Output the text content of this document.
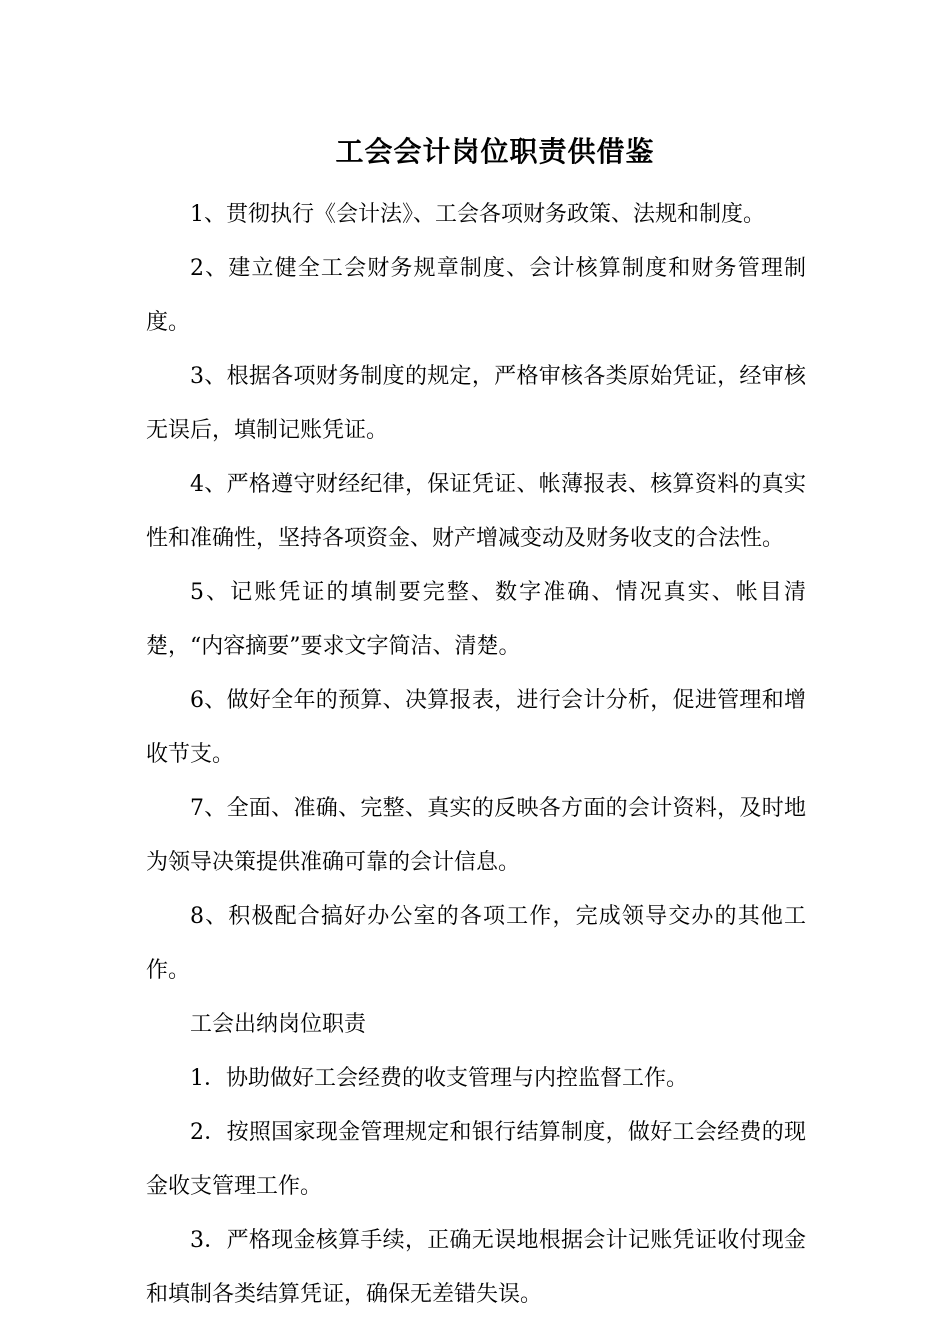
工会会计岗位职责供借鉴

1、贯彻执行《会计法》、工会各项财务政策、法规和制度。

2、建立健全工会财务规章制度、会计核算制度和财务管理制度。

3、根据各项财务制度的规定，严格审核各类原始凭证，经审核无误后，填制记账凭证。

4、严格遵守财经纪律，保证凭证、帐薄报表、核算资料的真实性和准确性，坚持各项资金、财产增减变动及财务收支的合法性。

5、记账凭证的填制要完整、数字准确、情况真实、帐目清楚，“内容摘要”要求文字简洁、清楚。

6、做好全年的预算、决算报表，进行会计分析，促进管理和增收节支。

7、全面、准确、完整、真实的反映各方面的会计资料，及时地为领导决策提供准确可靠的会计信息。

8、积极配合搞好办公室的各项工作，完成领导交办的其他工作。

工会出纳岗位职责

1．协助做好工会经费的收支管理与内控监督工作。

2．按照国家现金管理规定和银行结算制度，做好工会经费的现金收支管理工作。

3．严格现金核算手续，正确无误地根据会计记账凭证收付现金和填制各类结算凭证，确保无差错失误。
